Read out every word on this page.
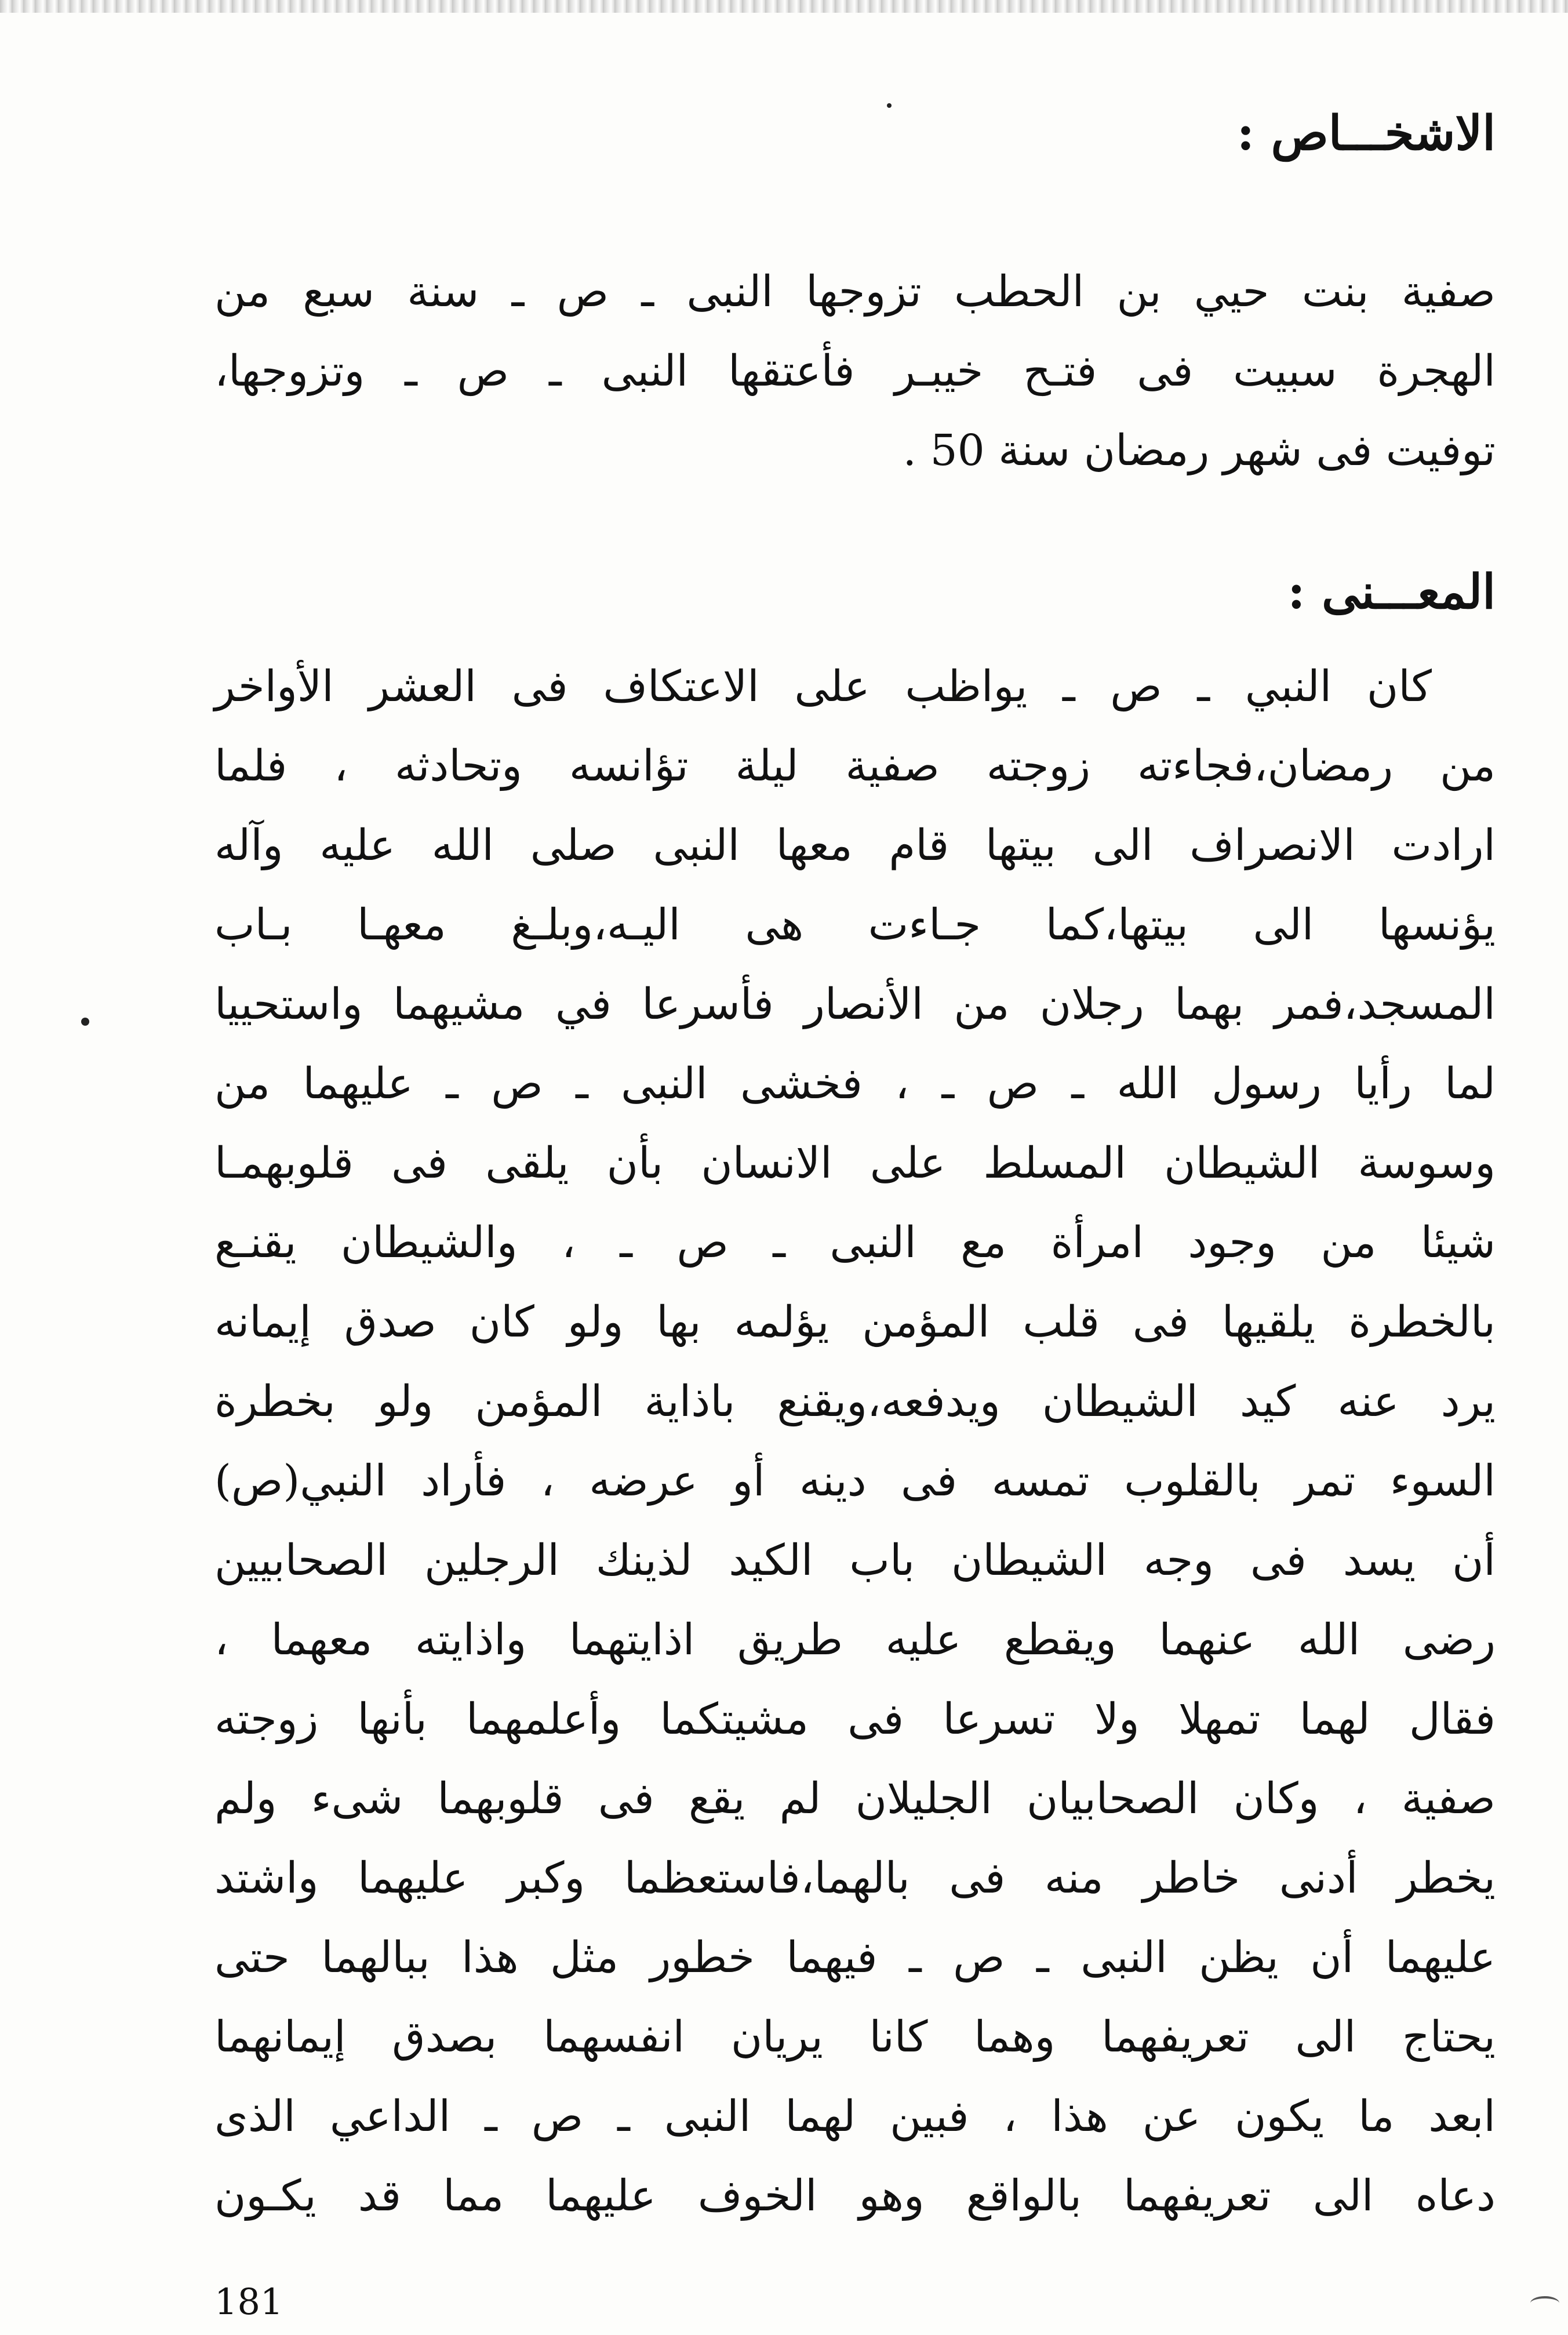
الاشخـــاص :
صفية بنت حيي بن الحطب تزوجها النبى ـ ص ـ سنة سبع من
الهجرة سبيت فى فتـح خيبـر فأعتقها النبى ـ ص ـ وتزوجها،
توفيت فى شهر رمضان سنة 50 .
المعـــنى :
كان النبي ـ ص ـ يواظب على الاعتكاف فى العشر الأواخر
من رمضان،فجاءته زوجته صفية ليلة تؤانسه وتحادثه ، فلما
ارادت الانصراف الى بيتها قام معها النبى صلى الله عليه وآله
يؤنسها الى بيتها،كما جـاءت هى اليـه،وبلـغ معهـا بـاب
المسجد،فمر بهما رجلان من الأنصار فأسرعا في مشيهما واستحييا
لما رأيا رسول الله ـ ص ـ ، فخشى النبى ـ ص ـ عليهما من
وسوسة الشيطان المسلط على الانسان بأن يلقى فى قلوبهمـا
شيئا من وجود امرأة مع النبى ـ ص ـ ، والشيطان يقنـع
بالخطرة يلقيها فى قلب المؤمن يؤلمه بها ولو كان صدق إيمانه
يرد عنه كيد الشيطان ويدفعه،ويقنع باذاية المؤمن ولو بخطرة
السوء تمر بالقلوب تمسه فى دينه أو عرضه ، فأراد النبي(ص)
أن يسد فى وجه الشيطان باب الكيد لذينك الرجلين الصحابيين
رضى الله عنهما ويقطع عليه طريق اذايتهما واذايته معهما ،
فقال لهما تمهلا ولا تسرعا فى مشيتكما وأعلمهما بأنها زوجته
صفية ، وكان الصحابيان الجليلان لم يقع فى قلوبهما شىء ولم
يخطر أدنى خاطر منه فى بالهما،فاستعظما وكبر عليهما واشتد
عليهما أن يظن النبى ـ ص ـ فيهما خطور مثل هذا ببالهما حتى
يحتاج الى تعريفهما وهما كانا يريان انفسهما بصدق إيمانهما
ابعد ما يكون عن هذا ، فبين لهما النبى ـ ص ـ الداعي الذى
دعاه الى تعريفهما بالواقع وهو الخوف عليهما مما قد يكـون
181
